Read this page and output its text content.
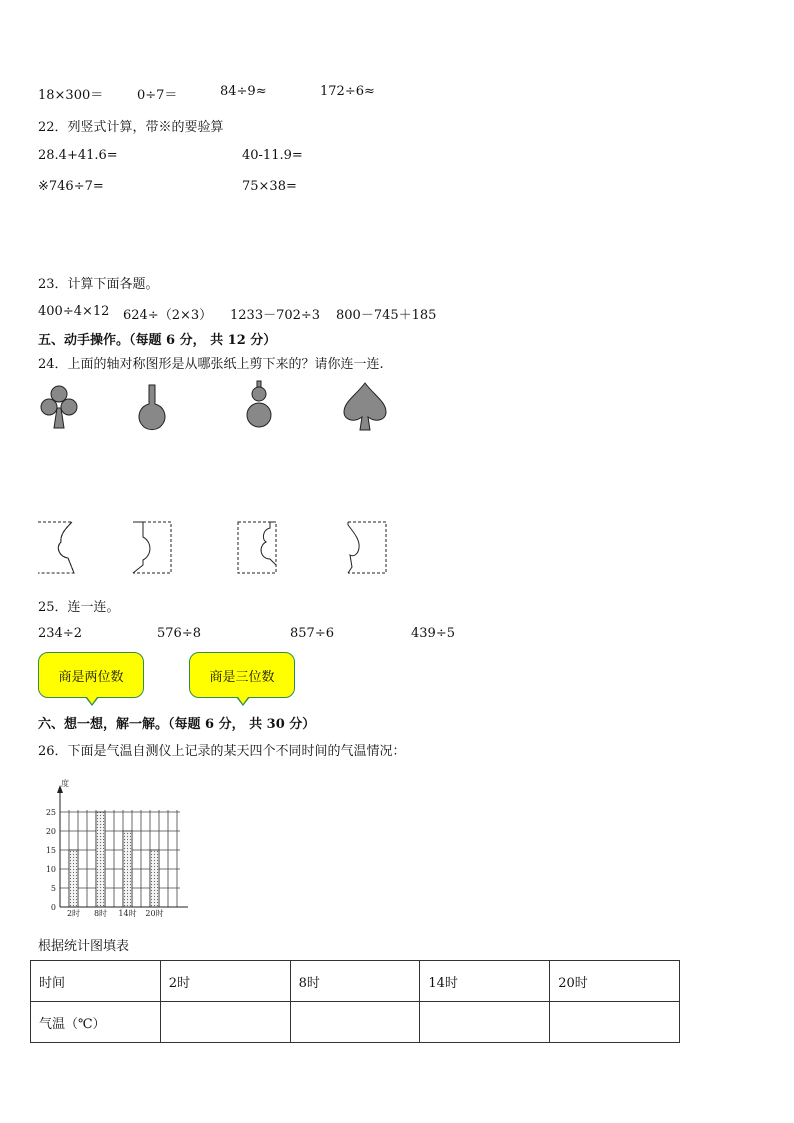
18×300＝	0÷7＝	84÷9≈	172÷6≈
22．列竖式计算，带※的要验算
28.4+41.6=	40-11.9=
※746÷7=	75×38=
23．计算下面各题。
400÷4×12 624÷（2×3） 1233－702÷3 800－745＋185
五、动手操作。（每题 6 分， 共 12 分）
24．上面的轴对称图形是从哪张纸上剪下来的？请你连一连.
25．连一连。
234÷2	576÷8	857÷6	439÷5
商是两位数	商是三位数
六、想一想，解一解。（每题 6 分， 共 30 分）
26．下面是气温自测仪上记录的某天四个不同时间的气温情况：
0
5
10
15
20
25
2时 8时 14时 20时
度
根据统计图填表
时间	2时	8时	14时	20时
气温（℃）				
